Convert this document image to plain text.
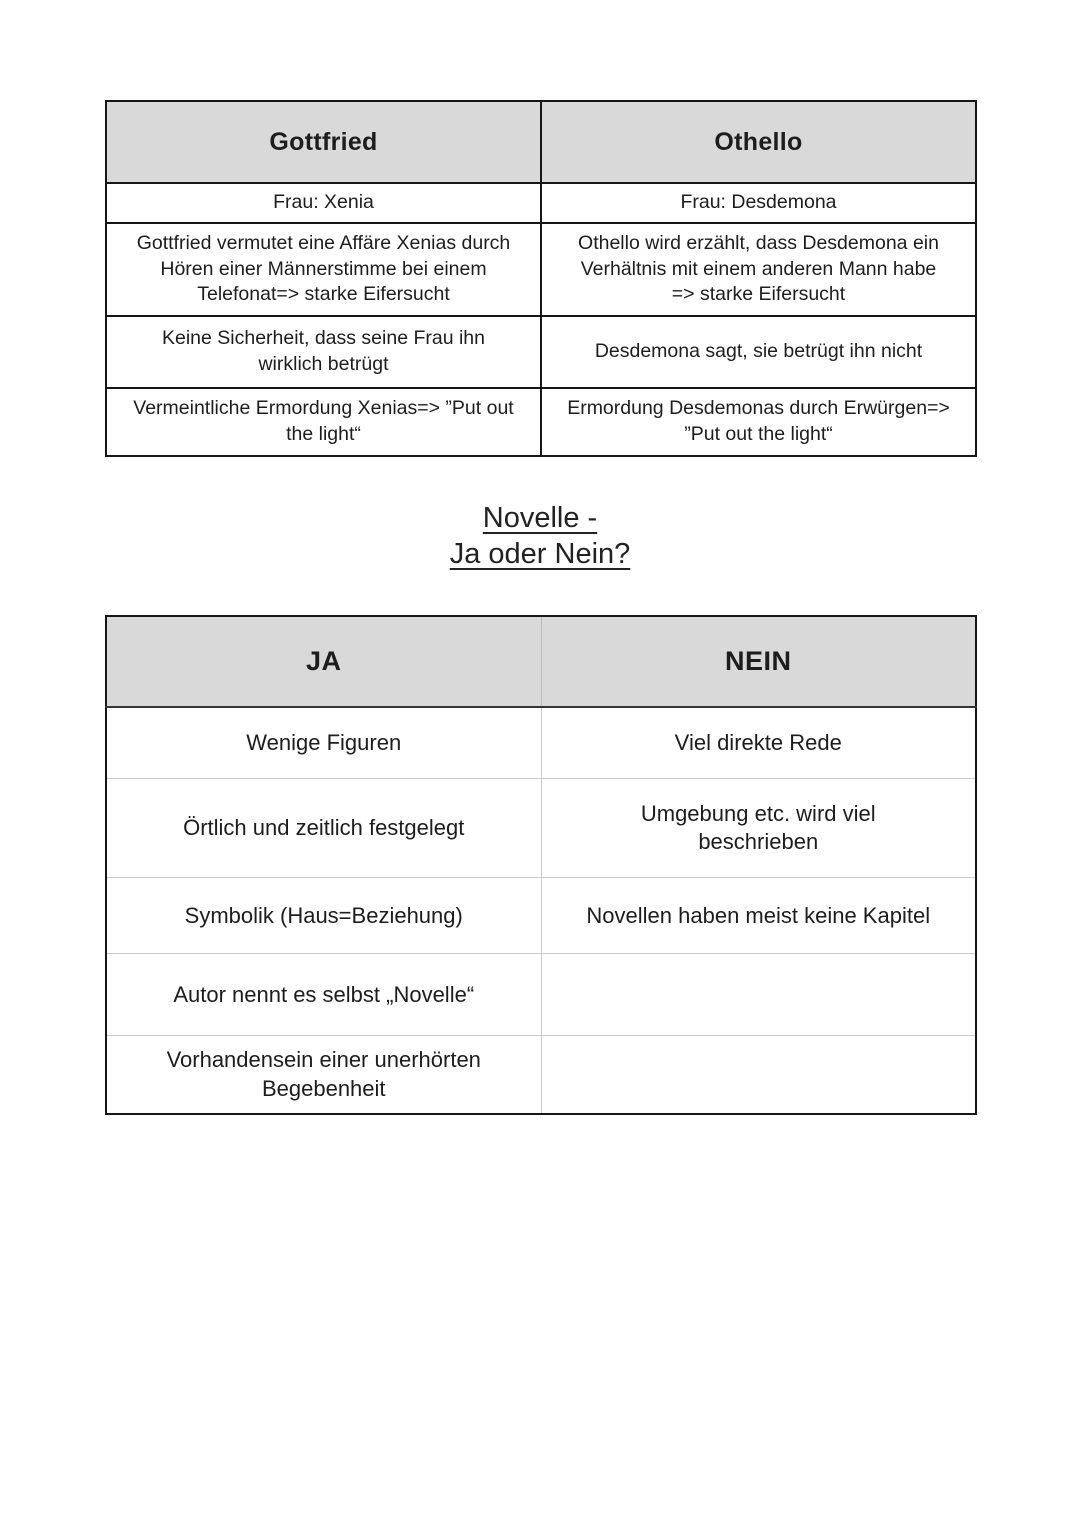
Gottfried	Othello
Frau: Xenia	Frau: Desdemona
Gottfried vermutet eine Affäre Xenias durch
Hören einer Männerstimme bei einem
Telefonat=> starke Eifersucht	Othello wird erzählt, dass Desdemona ein
Verhältnis mit einem anderen Mann habe
=> starke Eifersucht
Keine Sicherheit, dass seine Frau ihn
wirklich betrügt	Desdemona sagt, sie betrügt ihn nicht
Vermeintliche Ermordung Xenias=> ”Put out
the light“	Ermordung Desdemonas durch Erwürgen=>
”Put out the light“
Novelle -
Ja oder Nein?
JA	NEIN
Wenige Figuren	Viel direkte Rede
Örtlich und zeitlich festgelegt	Umgebung etc. wird viel
beschrieben
Symbolik (Haus=Beziehung)	Novellen haben meist keine Kapitel
Autor nennt es selbst „Novelle“	
Vorhandensein einer unerhörten
Begebenheit	
